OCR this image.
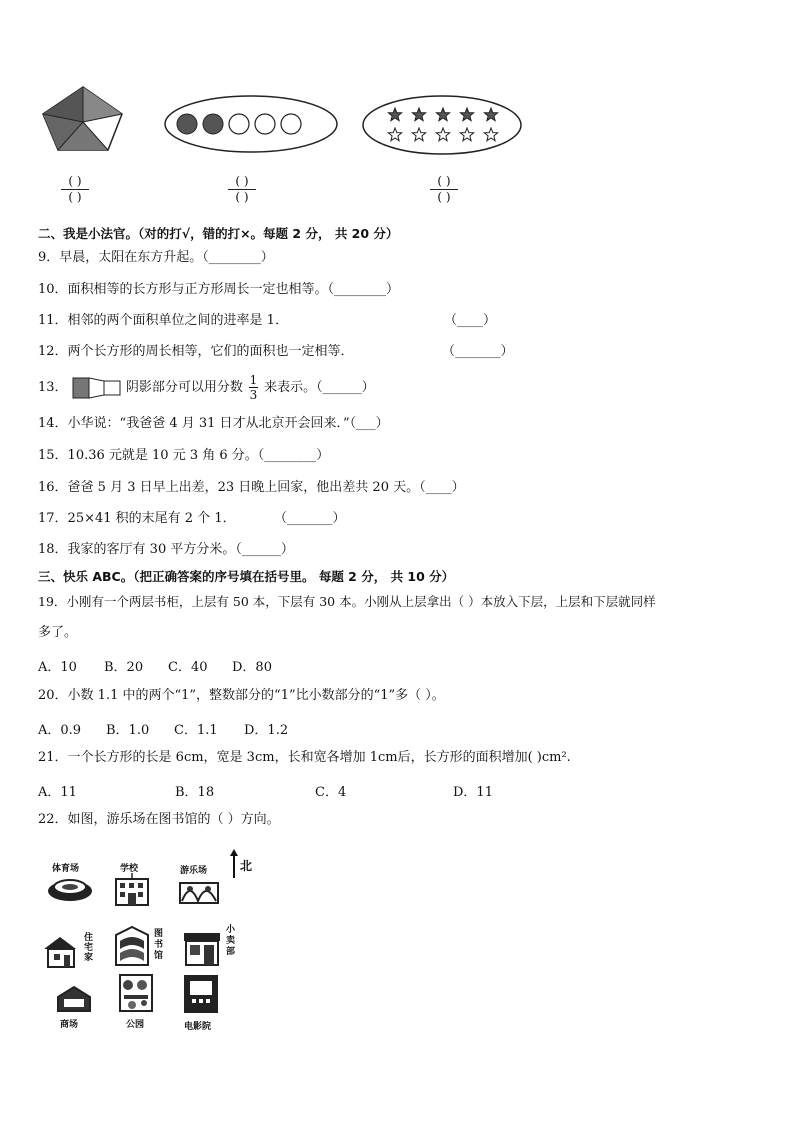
( )
( )
( )
( )
( )
( )
二、我是小法官。（对的打√，错的打×。每题 2 分， 共 20 分）
9．早晨，太阳在东方升起。（________）
10．面积相等的长方形与正方形周长一定也相等。（________）
11．相邻的两个面积单位之间的进率是 1．	（____）
12．两个长方形的周长相等，它们的面积也一定相等．	（_______）
13．	阴影部分可以用分数 $\frac{1}{3}$ 来表示。（______）
14．小华说：“我爸爸 4 月 31 日才从北京开会回来．”（___）
15．10.36 元就是 10 元 3 角 6 分。（________）
16．爸爸 5 月 3 日早上出差，23 日晚上回家，他出差共 20 天。（____）
17．25×41 积的末尾有 2 个 1．	（_______）
18．我家的客厅有 30 平方分米。（______）
三、快乐 ABC。（把正确答案的序号填在括号里。 每题 2 分， 共 10 分）
19．小刚有一个两层书柜，上层有 50 本，下层有 30 本。小刚从上层拿出（ ）本放入下层，上层和下层就同样
多了。
A．10 B．20 C．40 D．80
20．小数 1.1 中的两个“1”，整数部分的“1”比小数部分的“1”多（ ）。
A．0.9 B．1.0 C．1.1 D．1.2
21．一个长方形的长是 6cm，宽是 3cm，长和宽各增加 1cm后，长方形的面积增加( )cm².
A．11	B．18	C．4	D．11
22．如图，游乐场在图书馆的（ ）方向。
北
体育场	学校	游乐场
住宅家
图书馆
小卖部
商场	公园	电影院
